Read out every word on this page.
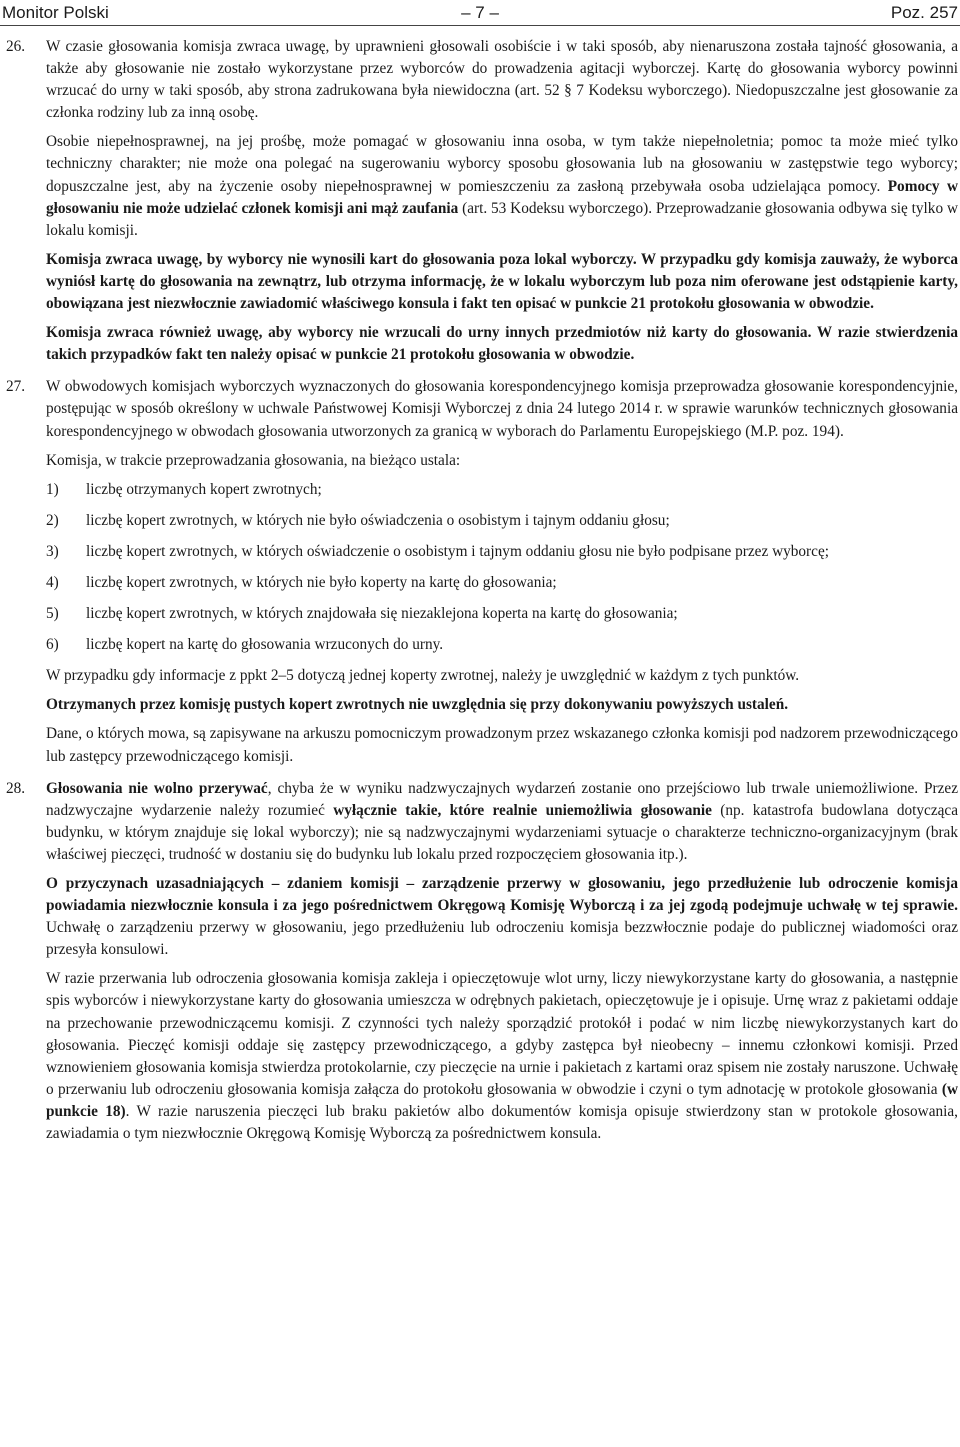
Monitor Polski	– 7 –	Poz. 257
26. W czasie głosowania komisja zwraca uwagę, by uprawnieni głosowali osobiście i w taki sposób, aby nienaruszona została tajność głosowania, a także aby głosowanie nie zostało wykorzystane przez wyborców do prowadzenia agitacji wyborczej. Kartę do głosowania wyborcy powinni wrzucać do urny w taki sposób, aby strona zadrukowana była niewidoczna (art. 52 § 7 Kodeksu wyborczego). Niedopuszczalne jest głosowanie za członka rodziny lub za inną osobę.

Osobie niepełnosprawnej, na jej prośbę, może pomagać w głosowaniu inna osoba, w tym także niepełnoletnia; pomoc ta może mieć tylko techniczny charakter; nie może ona polegać na sugerowaniu wyborcy sposobu głosowania lub na głosowaniu w zastępstwie tego wyborcy; dopuszczalne jest, aby na życzenie osoby niepełnosprawnej w pomieszczeniu za zasłoną przebywała osoba udzielająca pomocy. Pomocy w głosowaniu nie może udzielać członek komisji ani mąż zaufania (art. 53 Kodeksu wyborczego). Przeprowadzanie głosowania odbywa się tylko w lokalu komisji.

Komisja zwraca uwagę, by wyborcy nie wynosili kart do głosowania poza lokal wyborczy. W przypadku gdy komisja zauważy, że wyborca wyniósł kartę do głosowania na zewnątrz, lub otrzyma informację, że w lokalu wyborczym lub poza nim oferowane jest odstąpienie karty, obowiązana jest niezwłocznie zawiadomić właściwego konsula i fakt ten opisać w punkcie 21 protokołu głosowania w obwodzie.

Komisja zwraca również uwagę, aby wyborcy nie wrzucali do urny innych przedmiotów niż karty do głosowania. W razie stwierdzenia takich przypadków fakt ten należy opisać w punkcie 21 protokołu głosowania w obwodzie.

27. W obwodowych komisjach wyborczych wyznaczonych do głosowania korespondencyjnego komisja przeprowadza głosowanie korespondencyjnie, postępując w sposób określony w uchwale Państwowej Komisji Wyborczej z dnia 24 lutego 2014 r. w sprawie warunków technicznych głosowania korespondencyjnego w obwodach głosowania utworzonych za granicą w wyborach do Parlamentu Europejskiego (M.P. poz. 194).

Komisja, w trakcie przeprowadzania głosowania, na bieżąco ustala:

1) liczbę otrzymanych kopert zwrotnych;
2) liczbę kopert zwrotnych, w których nie było oświadczenia o osobistym i tajnym oddaniu głosu;
3) liczbę kopert zwrotnych, w których oświadczenie o osobistym i tajnym oddaniu głosu nie było podpisane przez wyborcę;
4) liczbę kopert zwrotnych, w których nie było koperty na kartę do głosowania;
5) liczbę kopert zwrotnych, w których znajdowała się niezaklejona koperta na kartę do głosowania;
6) liczbę kopert na kartę do głosowania wrzuconych do urny.

W przypadku gdy informacje z ppkt 2–5 dotyczą jednej koperty zwrotnej, należy je uwzględnić w każdym z tych punktów.

Otrzymanych przez komisję pustych kopert zwrotnych nie uwzględnia się przy dokonywaniu powyższych ustaleń.

Dane, o których mowa, są zapisywane na arkuszu pomocniczym prowadzonym przez wskazanego członka komisji pod nadzorem przewodniczącego lub zastępcy przewodniczącego komisji.

28. Głosowania nie wolno przerywać, chyba że w wyniku nadzwyczajnych wydarzeń zostanie ono przejściowo lub trwale uniemożliwione. Przez nadzwyczajne wydarzenie należy rozumieć wyłącznie takie, które realnie uniemożliwia głosowanie (np. katastrofa budowlana dotycząca budynku, w którym znajduje się lokal wyborczy); nie są nadzwyczajnymi wydarzeniami sytuacje o charakterze techniczno-organizacyjnym (brak właściwej pieczęci, trudność w dostaniu się do budynku lub lokalu przed rozpoczęciem głosowania itp.).

O przyczynach uzasadniających – zdaniem komisji – zarządzenie przerwy w głosowaniu, jego przedłużenie lub odroczenie komisja powiadamia niezwłocznie konsula i za jego pośrednictwem Okręgową Komisję Wyborczą i za jej zgodą podejmuje uchwałę w tej sprawie. Uchwałę o zarządzeniu przerwy w głosowaniu, jego przedłużeniu lub odroczeniu komisja bezzwłocznie podaje do publicznej wiadomości oraz przesyła konsulowi.

W razie przerwania lub odroczenia głosowania komisja zakleja i opieczętowuje wlot urny, liczy niewykorzystane karty do głosowania, a następnie spis wyborców i niewykorzystane karty do głosowania umieszcza w odrębnych pakietach, opieczętowuje je i opisuje. Urnę wraz z pakietami oddaje na przechowanie przewodniczącemu komisji. Z czynności tych należy sporządzić protokół i podać w nim liczbę niewykorzystanych kart do głosowania. Pieczęć komisji oddaje się zastępcy przewodniczącego, a gdyby zastępca był nieobecny – innemu członkowi komisji. Przed wznowieniem głosowania komisja stwierdza protokolarnie, czy pieczęcie na urnie i pakietach z kartami oraz spisem nie zostały naruszone. Uchwałę o przerwaniu lub odroczeniu głosowania komisja załącza do protokołu głosowania w obwodzie i czyni o tym adnotację w protokole głosowania (w punkcie 18). W razie naruszenia pieczęci lub braku pakietów albo dokumentów komisja opisuje stwierdzony stan w protokole głosowania, zawiadamia o tym niezwłocznie Okręgową Komisję Wyborczą za pośrednictwem konsula.
